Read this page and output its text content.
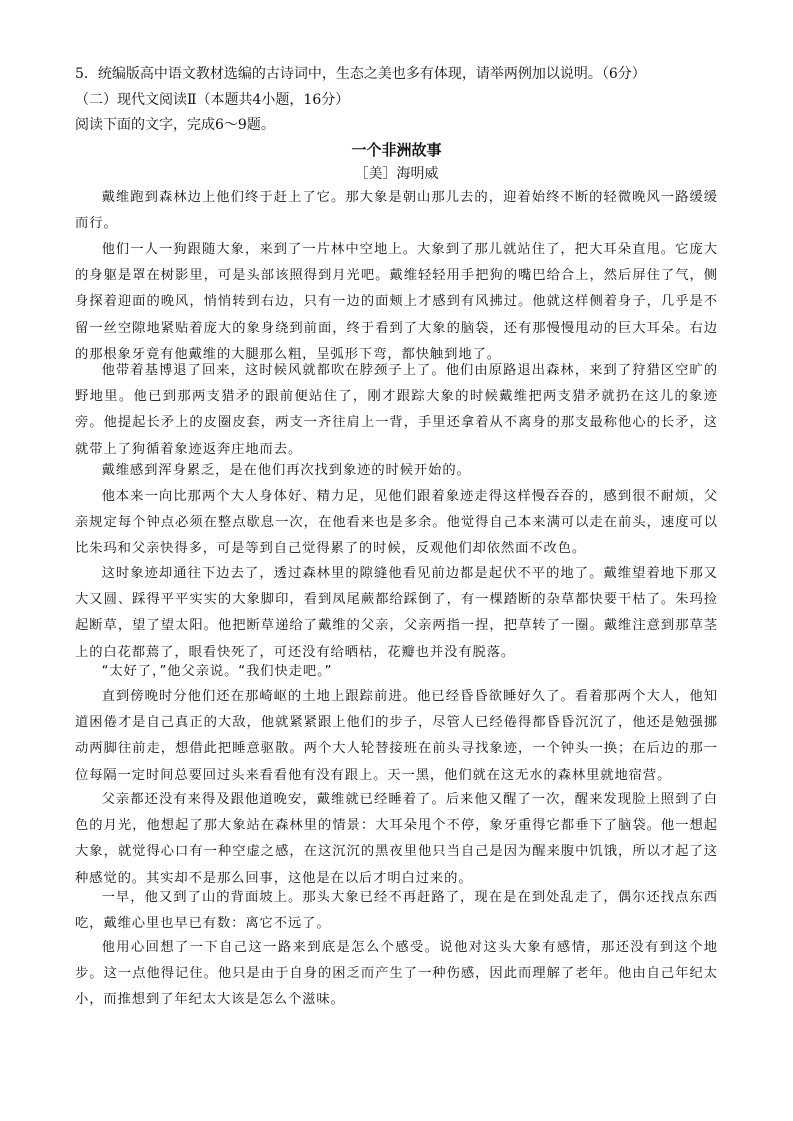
5．统编版高中语文教材选编的古诗词中，生态之美也多有体现，请举两例加以说明。（6分）
（二）现代文阅读Ⅱ（本题共4小题，16分）
阅读下面的文字，完成6～9题。
一个非洲故事
［美］海明威

戴维跑到森林边上他们终于赶上了它。那大象是朝山那儿去的，迎着始终不断的轻微晚风一路缓缓而行。

他们一人一狗跟随大象，来到了一片林中空地上。大象到了那儿就站住了，把大耳朵直甩。它庞大的身躯是罩在树影里，可是头部该照得到月光吧。戴维轻轻用手把狗的嘴巴给合上，然后屏住了气，侧身探着迎面的晚风，悄悄转到右边，只有一边的面颊上才感到有风拂过。他就这样侧着身子，几乎是不留一丝空隙地紧贴着庞大的象身绕到前面，终于看到了大象的脑袋，还有那慢慢甩动的巨大耳朵。右边的那根象牙竟有他戴维的大腿那么粗，呈弧形下弯，都快触到地了。

他带着基博退了回来，这时候风就都吹在脖颈子上了。他们由原路退出森林，来到了狩猎区空旷的野地里。他已到那两支猎矛的跟前便站住了，刚才跟踪大象的时候戴维把两支猎矛就扔在这儿的象迹旁。他提起长矛上的皮圈皮套，两支一齐往肩上一背，手里还拿着从不离身的那支最称他心的长矛，这就带上了狗循着象迹返奔庄地而去。

戴维感到浑身累乏，是在他们再次找到象迹的时候开始的。

他本来一向比那两个大人身体好、精力足，见他们跟着象迹走得这样慢吞吞的，感到很不耐烦，父亲规定每个钟点必须在整点歇息一次，在他看来也是多余。他觉得自己本来满可以走在前头，速度可以比朱玛和父亲快得多，可是等到自己觉得累了的时候，反观他们却依然面不改色。

这时象迹却通往下边去了，透过森林里的隙缝他看见前边都是起伏不平的地了。戴维望着地下那又大又圆、踩得平平实实的大象脚印，看到凤尾蕨都给踩倒了，有一棵踏断的杂草都快要干枯了。朱玛捡起断草，望了望太阳。他把断草递给了戴维的父亲，父亲两指一捏，把草转了一圈。戴维注意到那草茎上的白花都蔫了，眼看快死了，可还没有给晒枯，花瓣也并没有脱落。

“太好了，”他父亲说。“我们快走吧。”

直到傍晚时分他们还在那崎岖的土地上跟踪前进。他已经昏昏欲睡好久了。看着那两个大人，他知道困倦才是自己真正的大敌，他就紧紧跟上他们的步子，尽管人已经倦得都昏昏沉沉了，他还是勉强挪动两脚往前走，想借此把睡意驱散。两个大人轮替接班在前头寻找象迹，一个钟头一换；在后边的那一位每隔一定时间总要回过头来看看他有没有跟上。天一黑，他们就在这无水的森林里就地宿营。

父亲都还没有来得及跟他道晚安，戴维就已经睡着了。后来他又醒了一次，醒来发现脸上照到了白色的月光，他想起了那大象站在森林里的情景：大耳朵甩个不停，象牙重得它都垂下了脑袋。他一想起大象，就觉得心口有一种空虚之感，在这沉沉的黑夜里他只当自己是因为醒来腹中饥饿，所以才起了这种感觉的。其实却不是那么回事，这他是在以后才明白过来的。

一早，他又到了山的背面坡上。那头大象已经不再赶路了，现在是在到处乱走了，偶尔还找点东西吃，戴维心里也早已有数：离它不远了。

他用心回想了一下自己这一路来到底是怎么个感受。说他对这头大象有感情，那还没有到这个地步。这一点他得记住。他只是由于自身的困乏而产生了一种伤感，因此而理解了老年。他由自己年纪太小，而推想到了年纪太大该是怎么个滋味。
